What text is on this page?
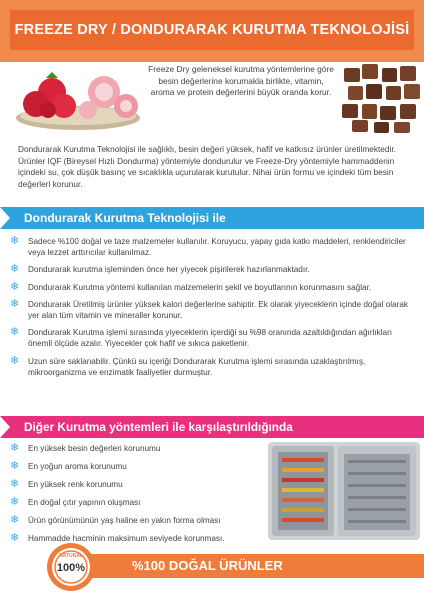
FREEZE DRY / DONDURARAK KURUTMA TEKNOLOJİSİ
Freeze Dry geleneksel kurutma yöntemlerine göre besin değerlerine korumakla birlikte, vitamin, aroma ve protein değerlerini büyük oranda korur.
Dondurarak Kurutma Teknolojisi ile sağlıklı, besin değeri yüksek, hafif ve katkısız ürünler üretilmektedir. Ürünler IQF (Bireysel Hızlı Dondurma) yöntemiyle dondurulur ve Freeze-Dry yöntemiyle hammaddenin içindeki su, çok düşük basınç ve sıcaklıkla uçurularak kurutulur. Nihai ürün formu ve içindeki tüm besin değerleri korunur.
Dondurarak Kurutma Teknolojisi ile
❄ Sadece %100 doğal ve taze malzemeler kullanılır. Koruyucu, yapay gıda katkı maddeleri, renklendiriciler veya lezzet arttırıcılar kullanılmaz.
❄ Dondurarak kurutma işleminden önce her yiyecek pişirilerek hazırlanmaktadır.
❄ Dondurarak Kurutma yöntemi kullanılan malzemelerin şekil ve boyutlarının korunmasını sağlar.
❄ Dondurarak Üretilmiş ürünler yüksek kalori değerlerine sahiptir. Ek olarak yiyeceklerin içinde doğal olarak yer alan tüm vitamin ve mineraller korunur.
❄ Dondurarak Kurutma işlemi sırasında yiyeceklerin içerdiği su %98 oranında azaltıldığından ağırlıkları önemli ölçüde azalır. Yiyecekler çok hafif ve sıkıca paketlenir.
❄ Uzun süre saklanabilir. Çünkü su içeriği Dondurarak Kurutma işlemi sırasında uzaklaştırılmış, mikroorganizma ve enzimatik faaliyetler durmuştur.
Diğer Kurutma yöntemleri ile karşılaştırıldığında
❄ En yüksek besin değerleri korunumu
❄ En yoğun aroma korunumu
❄ En yüksek renk korunumu
❄ En doğal çıtır yapının oluşması
❄ Ürün görünümünün yaş haline en yakın forma olması
❄ Hammadde hacminin maksimum seviyede korunması.
%100 DOĞAL ÜRÜNLER
100%
NATURAL
